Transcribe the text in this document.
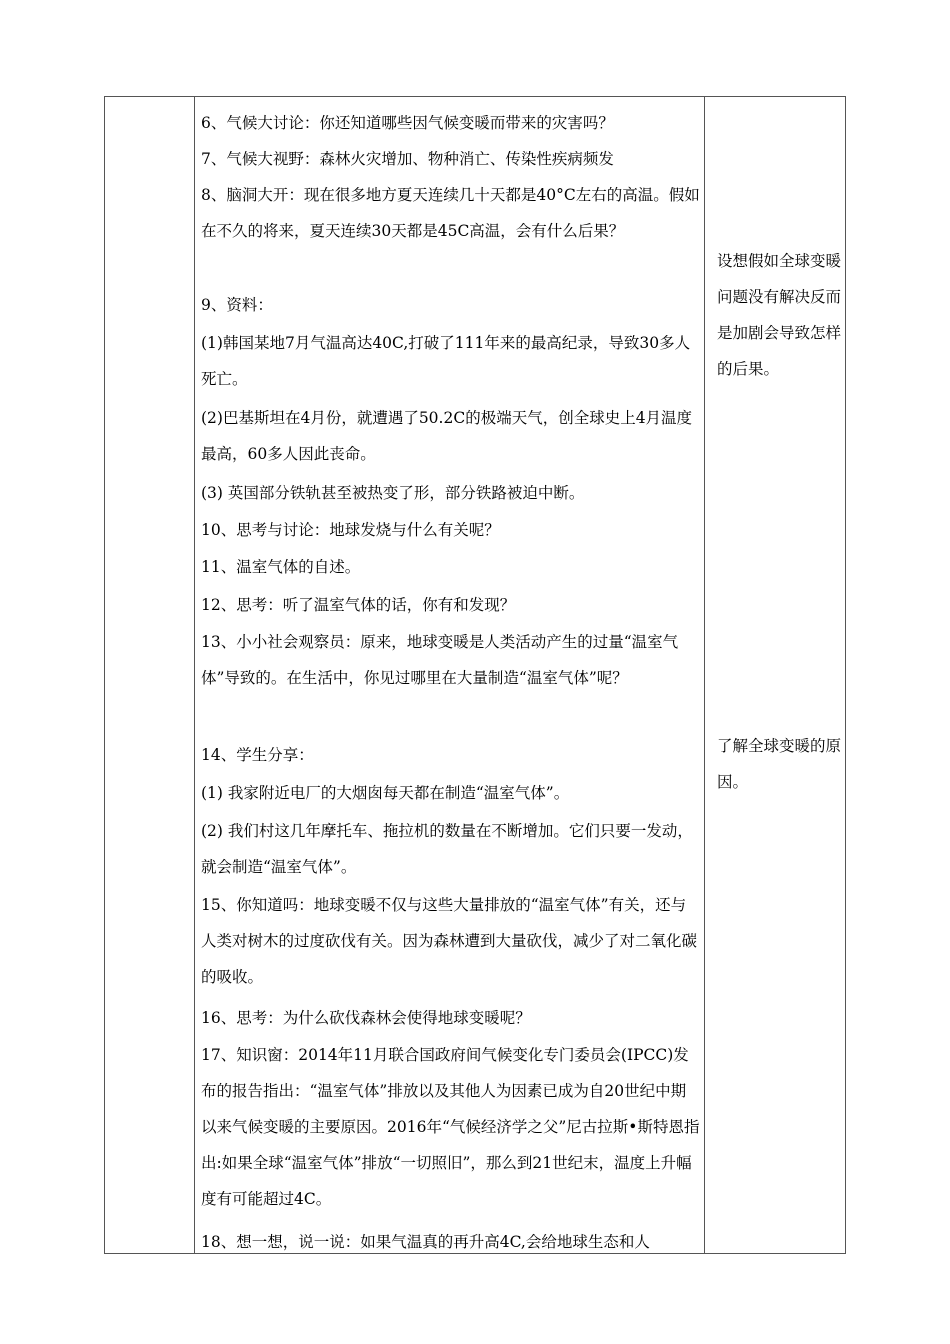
6、气候大讨论：你还知道哪些因气候变暖而带来的灾害吗？

7、气候大视野：森林火灾增加、物种消亡、传染性疾病频发

8、脑洞大开：现在很多地方夏天连续几十天都是40°C左右的高温。假如在不久的将来，夏天连续30天都是45C高温，会有什么后果？

9、资料：

(1)韩国某地7月气温高达40C,打破了111年来的最高纪录，导致30多人死亡。

(2)巴基斯坦在4月份，就遭遇了50.2C的极端天气，创全球史上4月温度最高，60多人因此丧命。

(3) 英国部分铁轨甚至被热变了形，部分铁路被迫中断。

10、思考与讨论：地球发烧与什么有关呢？

11、温室气体的自述。

12、思考：听了温室气体的话，你有和发现？

13、小小社会观察员：原来，地球变暖是人类活动产生的过量“温室气体”导致的。在生活中，你见过哪里在大量制造“温室气体”呢？

14、学生分享：

(1) 我家附近电厂的大烟囱每天都在制造“温室气体”。

(2) 我们村这几年摩托车、拖拉机的数量在不断增加。它们只要一发动，就会制造“温室气体”。

15、你知道吗：地球变暖不仅与这些大量排放的“温室气体”有关，还与人类对树木的过度砍伐有关。因为森林遭到大量砍伐，减少了对二氧化碳的吸收。

16、思考：为什么砍伐森林会使得地球变暖呢？

17、知识窗：2014年11月联合国政府间气候变化专门委员会(IPCC)发布的报告指出：“温室气体”排放以及其他人为因素已成为自20世纪中期以来气候变暖的主要原因。2016年“气候经济学之父”尼古拉斯•斯特恩指出:如果全球“温室气体”排放“一切照旧”，那么到21世纪末，温度上升幅度有可能超过4C。

18、想一想，说一说：如果气温真的再升高4C,会给地球生态和人

设想假如全球变暖问题没有解决反而是加剧会导致怎样的后果。
了解全球变暖的原因。
